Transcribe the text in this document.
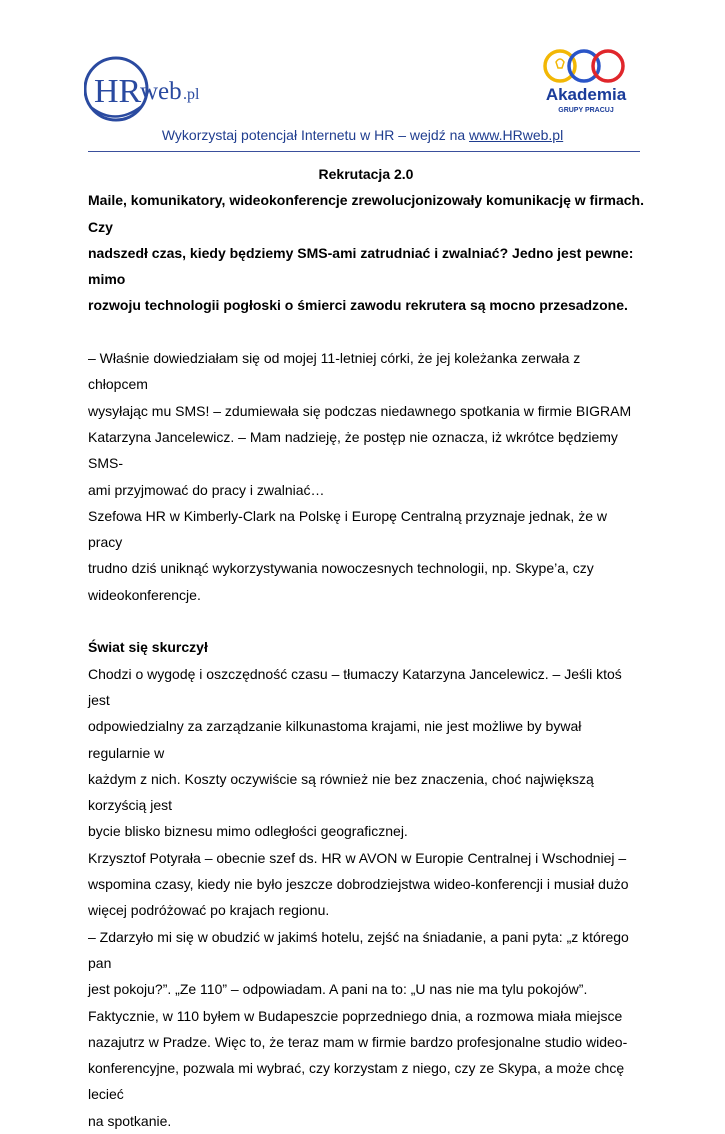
HR
web .pl	Akademia
GRUPY PRACUJ
Wykorzystaj potencjał Internetu w HR – wejdź na www.HRweb.pl

Rekrutacja 2.0

Maile, komunikatory, wideokonferencje zrewolucjonizowały komunikację w firmach. Czy

nadszedł czas, kiedy będziemy SMS-ami zatrudniać i zwalniać? Jedno jest pewne: mimo

rozwoju technologii pogłoski o śmierci zawodu rekrutera są mocno przesadzone.

– Właśnie dowiedziałam się od mojej 11-letniej córki, że jej koleżanka zerwała z chłopcem

wysyłając mu SMS! – zdumiewała się podczas niedawnego spotkania w firmie BIGRAM

Katarzyna Jancelewicz. – Mam nadzieję, że postęp nie oznacza, iż wkrótce będziemy SMS-

ami przyjmować do pracy i zwalniać…

Szefowa HR w Kimberly-Clark na Polskę i Europę Centralną przyznaje jednak, że w pracy

trudno dziś uniknąć wykorzystywania nowoczesnych technologii, np. Skype’a, czy

wideokonferencje.

Świat się skurczył

Chodzi o wygodę i oszczędność czasu – tłumaczy Katarzyna Jancelewicz. – Jeśli ktoś jest

odpowiedzialny za zarządzanie kilkunastoma krajami, nie jest możliwe by bywał regularnie w

każdym z nich. Koszty oczywiście są również nie bez znaczenia, choć największą korzyścią jest

bycie blisko biznesu mimo odległości geograficznej.

Krzysztof Potyrała – obecnie szef ds. HR w AVON w Europie Centralnej i Wschodniej –

wspomina czasy, kiedy nie było jeszcze dobrodziejstwa wideo-konferencji i musiał dużo

więcej podróżować po krajach regionu.

– Zdarzyło mi się w obudzić w jakimś hotelu, zejść na śniadanie, a pani pyta: „z którego pan

jest pokoju?”. „Ze 110” – odpowiadam. A pani na to: „U nas nie ma tylu pokojów”.

Faktycznie, w 110 byłem w Budapeszcie poprzedniego dnia, a rozmowa miała miejsce

nazajutrz w Pradze. Więc to, że teraz mam w firmie bardzo profesjonalne studio wideo-

konferencyjne, pozwala mi wybrać, czy korzystam z niego, czy ze Skypa, a może chcę lecieć

na spotkanie.
